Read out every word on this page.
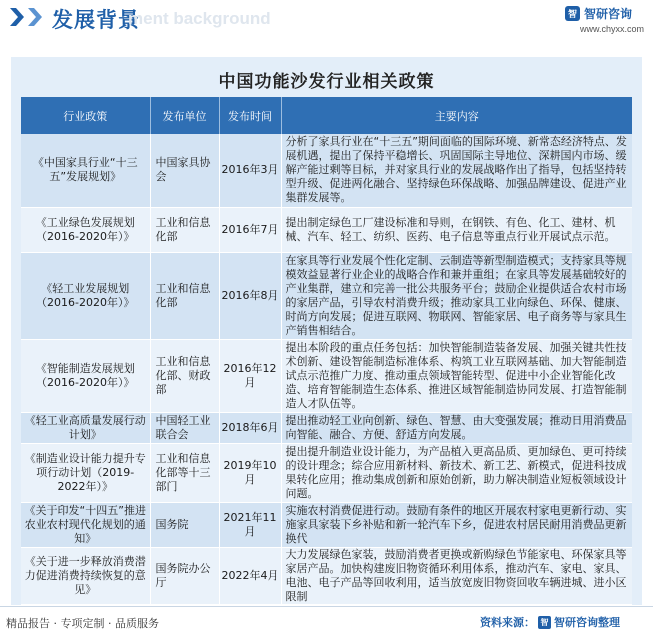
发展背景
ment background	智 智研咨询
www.chyxx.com
中国功能沙发行业相关政策
行业政策	发布单位	发布时间	主要内容
《中国家具行业“十三五”发展规划》	中国家具协会	2016年3月	分析了家具行业在“十三五”期间面临的国际环境、新常态经济特点、发展机遇，提出了保持平稳增长、巩固国际主导地位、深耕国内市场、缓解产能过剩等目标，并对家具行业的发展战略作出了指导，包括坚持转型升级、促进两化融合、坚持绿色环保战略、加强品牌建设、促进产业集群发展等。
《工业绿色发展规划（2016-2020年）》	工业和信息化部	2016年7月	提出制定绿色工厂建设标准和导则，在钢铁、有色、化工、建材、机械、汽车、轻工、纺织、医药、电子信息等重点行业开展试点示范。
《轻工业发展规划（2016-2020年）》	工业和信息化部	2016年8月	在家具等行业发展个性化定制、云制造等新型制造模式；支持家具等规模效益显著行业企业的战略合作和兼并重组；在家具等发展基础较好的产业集群，建立和完善一批公共服务平台；鼓励企业提供适合农村市场的家居产品，引导农村消费升级；推动家具工业向绿色、环保、健康、时尚方向发展；促进互联网、物联网、智能家居、电子商务等与家具生产销售相结合。
《智能制造发展规划（2016-2020年）》	工业和信息化部、财政部	2016年12月	提出本阶段的重点任务包括：加快智能制造装备发展、加强关键共性技术创新、建设智能制造标准体系、构筑工业互联网基础、加大智能制造试点示范推广力度、推动重点领域智能转型、促进中小企业智能化改造、培育智能制造生态体系、推进区域智能制造协同发展、打造智能制造人才队伍等。
《轻工业高质量发展行动计划》	中国轻工业联合会	2018年6月	提出推动轻工业向创新、绿色、智慧、由大变强发展；推动日用消费品向智能、融合、方便、舒适方向发展。
《制造业设计能力提升专项行动计划（2019-2022年）》	工业和信息化部等十三部门	2019年10月	提出提升制造业设计能力，为产品植入更高品质、更加绿色、更可持续的设计理念；综合应用新材料、新技术、新工艺、新模式，促进科技成果转化应用；推动集成创新和原始创新，助力解决制造业短板领域设计问题。
《关于印发“十四五”推进农业农村现代化规划的通知》	国务院	2021年11月	实施农村消费促进行动。鼓励有条件的地区开展农村家电更新行动、实施家具家装下乡补贴和新一轮汽车下乡，促进农村居民耐用消费品更新换代
《关于进一步释放消费潜力促进消费持续恢复的意见》	国务院办公厅	2022年4月	大力发展绿色家装，鼓励消费者更换或新购绿色节能家电、环保家具等家居产品。加快构建废旧物资循环利用体系，推动汽车、家电、家具、电池、电子产品等回收利用，适当放宽废旧物资回收车辆进城、进小区限制
精品报告 · 专项定制 · 品质服务	资料来源： 智 智研咨询整理
